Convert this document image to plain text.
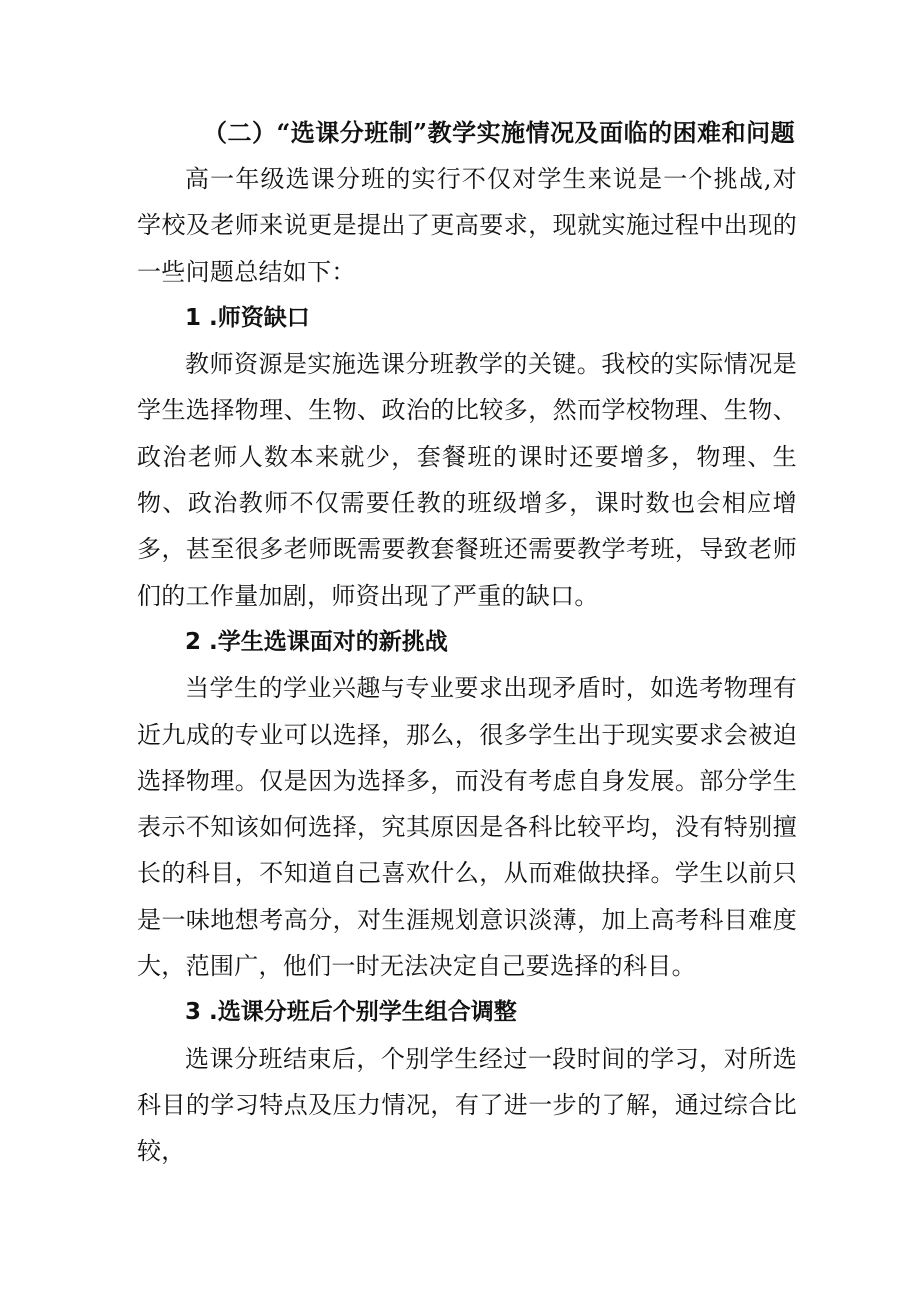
（二）“选课分班制”教学实施情况及面临的困难和问题

高一年级选课分班的实行不仅对学生来说是一个挑战,对学校及老师来说更是提出了更高要求，现就实施过程中出现的一些问题总结如下：

1 .师资缺口

教师资源是实施选课分班教学的关键。我校的实际情况是学生选择物理、生物、政治的比较多，然而学校物理、生物、政治老师人数本来就少，套餐班的课时还要增多，物理、生物、政治教师不仅需要任教的班级增多，课时数也会相应增多，甚至很多老师既需要教套餐班还需要教学考班，导致老师们的工作量加剧，师资出现了严重的缺口。

2 .学生选课面对的新挑战

当学生的学业兴趣与专业要求出现矛盾时，如选考物理有近九成的专业可以选择，那么，很多学生出于现实要求会被迫选择物理。仅是因为选择多，而没有考虑自身发展。部分学生表示不知该如何选择，究其原因是各科比较平均，没有特别擅长的科目，不知道自己喜欢什么，从而难做抉择。学生以前只是一味地想考高分，对生涯规划意识淡薄，加上高考科目难度大，范围广，他们一时无法决定自己要选择的科目。

3 .选课分班后个别学生组合调整

选课分班结束后，个别学生经过一段时间的学习，对所选科目的学习特点及压力情况，有了进一步的了解，通过综合比较，
